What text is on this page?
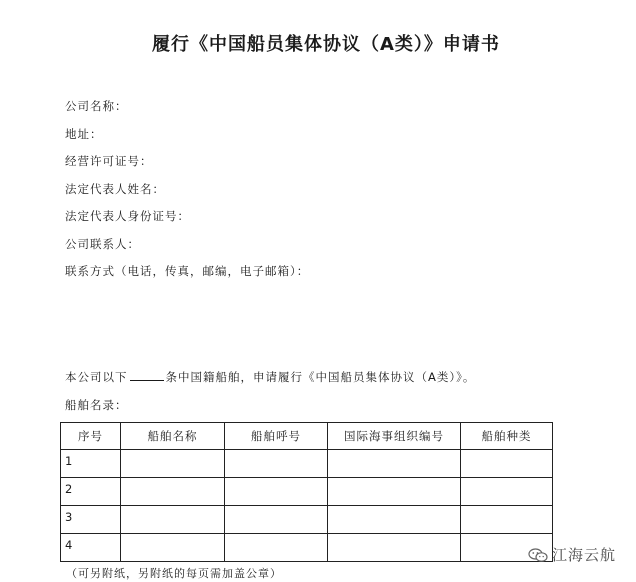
履行《中国船员集体协议（A类）》申请书
公司名称：
地址：
经营许可证号：
法定代表人姓名：
法定代表人身份证号：
公司联系人：
联系方式（电话，传真，邮编，电子邮箱）：
本公司以下	条中国籍船舶，申请履行《中国船员集体协议（A类）》。
船舶名录：
序号	船舶名称	船舶呼号	国际海事组织编号	船舶种类
1				
2				
3				
4				
（可另附纸，另附纸的每页需加盖公章）
江海云航
